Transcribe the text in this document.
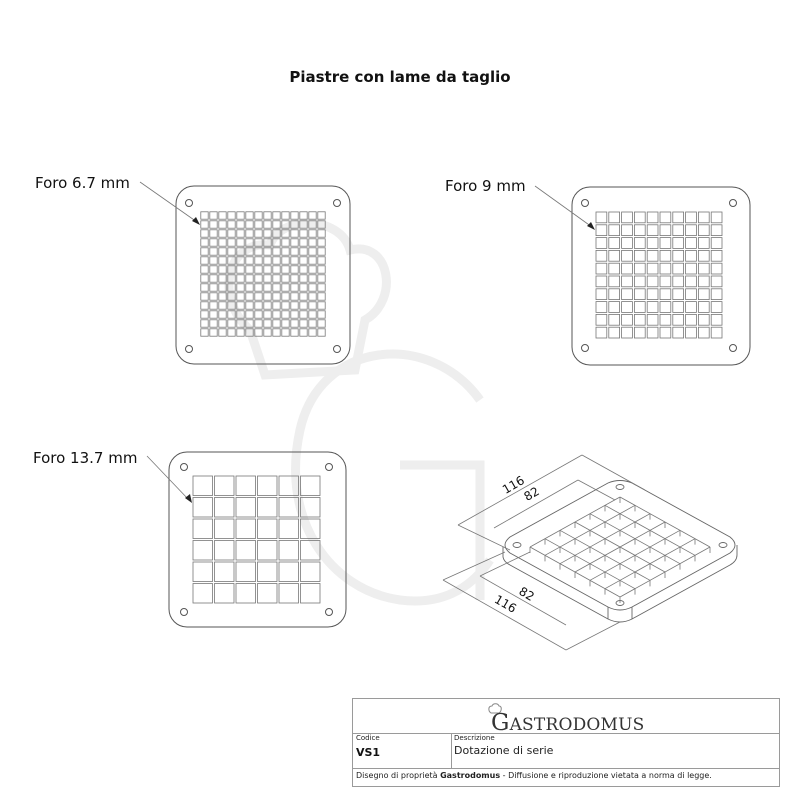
Piastre con lame da taglio
Foro 6.7 mm	Foro 9 mm
Foro 13.7 mm
116
82
82
116
GASTRODOMUS
Codice
VS1
Descrizione
Dotazione di serie
Disegno di proprietà Gastrodomus - Diffusione e riproduzione vietata a norma di legge.
